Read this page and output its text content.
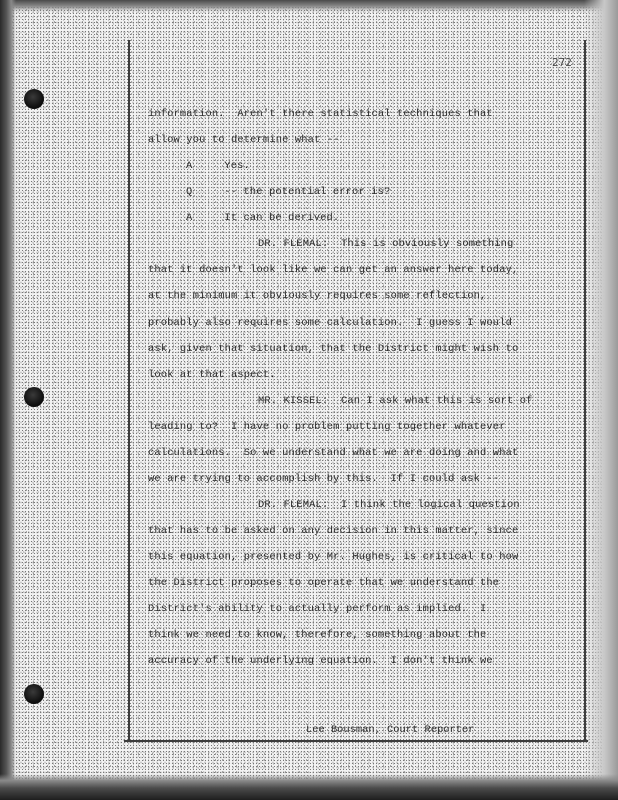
272
information.  Aren't there statistical techniques that
allow you to determine what --
A     Yes.
Q     -- the potential error is?
A     It can be derived.
DR. FLEMAL:  This is obviously something
that it doesn't look like we can get an answer here today,
at the minimum it obviously requires some reflection,
probably also requires some calculation.  I guess I would
ask, given that situation, that the District might wish to
look at that aspect.
MR. KISSEL:  Can I ask what this is sort of
leading to?  I have no problem putting together whatever
calculations.  So we understand what we are doing and what
we are trying to accomplish by this.  If I could ask --
DR. FLEMAL:  I think the logical question
that has to be asked on any decision in this matter, since
this equation, presented by Mr. Hughes, is critical to how
the District proposes to operate that we understand the
District's ability to actually perform as implied.  I
think we need to know, therefore, something about the
accuracy of the underlying equation.  I don't think we
Lee Bousman, Court Reporter
